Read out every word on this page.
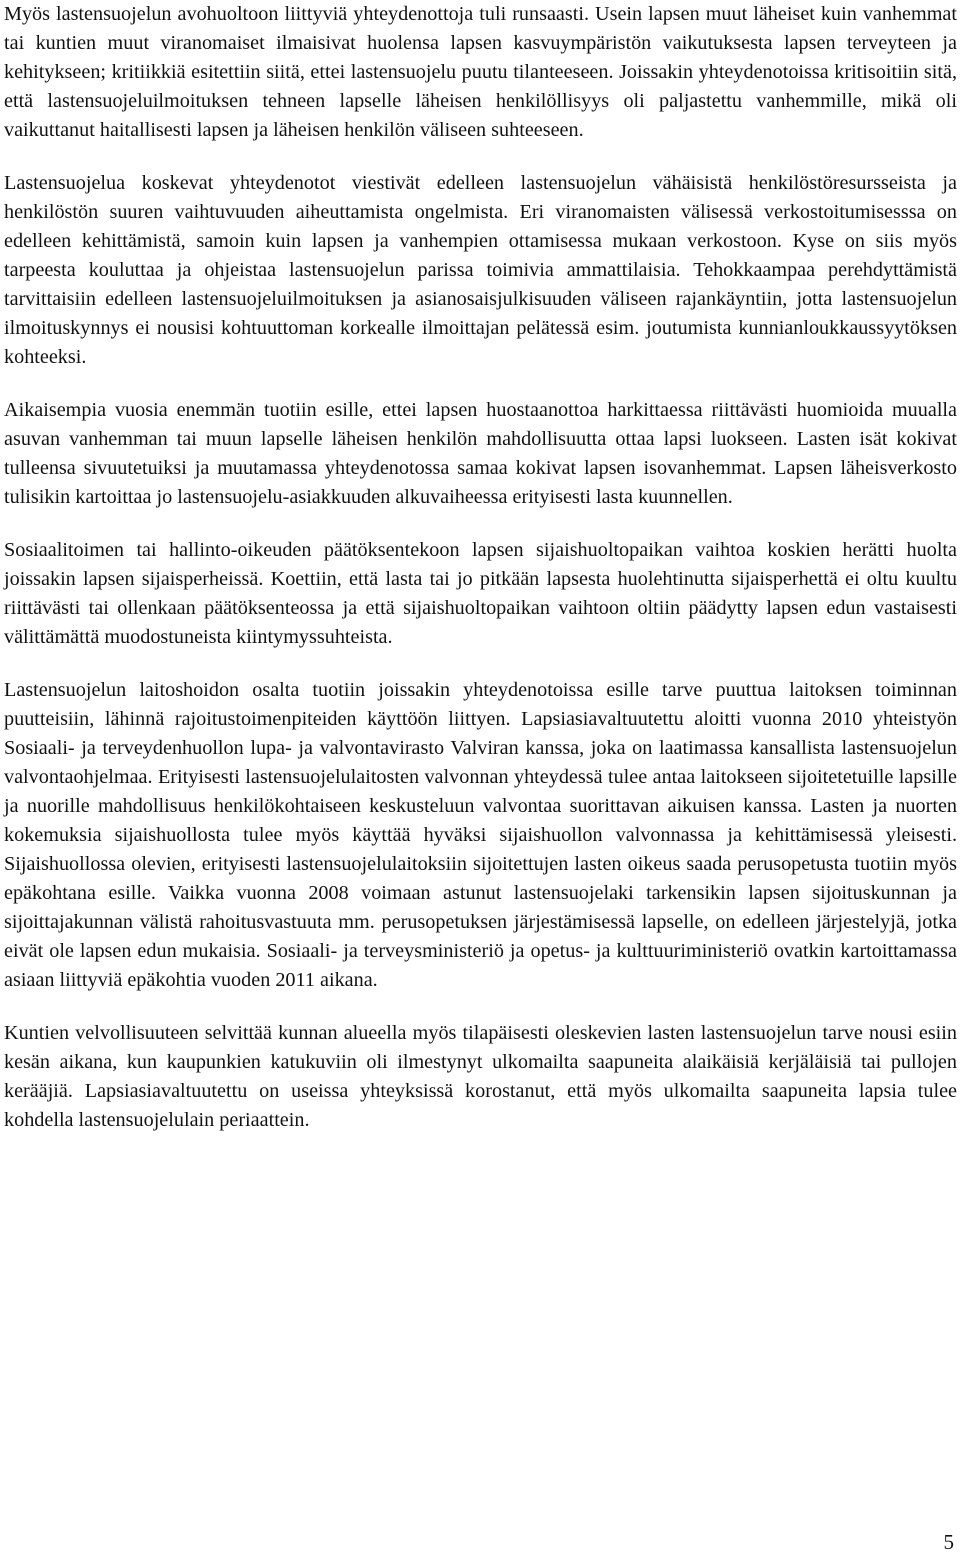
Myös lastensuojelun avohuoltoon liittyviä yhteydenottoja tuli runsaasti. Usein lapsen muut läheiset kuin vanhemmat tai kuntien muut viranomaiset ilmaisivat huolensa lapsen kasvuympäristön vaikutuksesta lapsen terveyteen ja kehitykseen; kritiikkiä esitettiin siitä, ettei lastensuojelu puutu tilanteeseen. Joissakin yhteydenotoissa kritisoitiin sitä, että lastensuojeluilmoituksen tehneen lapselle läheisen henkilöllisyys oli paljastettu vanhemmille, mikä oli vaikuttanut haitallisesti lapsen ja läheisen henkilön väliseen suhteeseen.

Lastensuojelua koskevat yhteydenotot viestivät edelleen lastensuojelun vähäisistä henkilöstöresursseista ja henkilöstön suuren vaihtuvuuden aiheuttamista ongelmista. Eri viranomaisten välisessä verkostoitumisesssa on edelleen kehittämistä, samoin kuin lapsen ja vanhempien ottamisessa mukaan verkostoon. Kyse on siis myös tarpeesta kouluttaa ja ohjeistaa lastensuojelun parissa toimivia ammattilaisia. Tehokkaampaa perehdyttämistä tarvittaisiin edelleen lastensuojeluilmoituksen ja asianosaisjulkisuuden väliseen rajankäyntiin, jotta lastensuojelun ilmoituskynnys ei nousisi kohtuuttoman korkealle ilmoittajan pelätessä esim. joutumista kunnianloukkaussyytöksen kohteeksi.

Aikaisempia vuosia enemmän tuotiin esille, ettei lapsen huostaanottoa harkittaessa riittävästi huomioida muualla asuvan vanhemman tai muun lapselle läheisen henkilön mahdollisuutta ottaa lapsi luokseen. Lasten isät kokivat tulleensa sivuutetuiksi ja muutamassa yhteydenotossa samaa kokivat lapsen isovanhemmat. Lapsen läheisverkosto tulisikin kartoittaa jo lastensuojelu-asiakkuuden alkuvaiheessa erityisesti lasta kuunnellen.

Sosiaalitoimen tai hallinto-oikeuden päätöksentekoon lapsen sijaishuoltopaikan vaihtoa koskien herätti huolta joissakin lapsen sijaisperheissä. Koettiin, että lasta tai jo pitkään lapsesta huolehtinutta sijaisperhettä ei oltu kuultu riittävästi tai ollenkaan päätöksenteossa ja että sijaishuoltopaikan vaihtoon oltiin päädytty lapsen edun vastaisesti välittämättä muodostuneista kiintymyssuhteista.

Lastensuojelun laitoshoidon osalta tuotiin joissakin yhteydenotoissa esille tarve puuttua laitoksen toiminnan puutteisiin, lähinnä rajoitustoimenpiteiden käyttöön liittyen. Lapsiasiavaltuutettu aloitti vuonna 2010 yhteistyön Sosiaali- ja terveydenhuollon lupa- ja valvontavirasto Valviran kanssa, joka on laatimassa kansallista lastensuojelun valvontaohjelmaa. Erityisesti lastensuojelulaitosten valvonnan yhteydessä tulee antaa laitokseen sijoitetetuille lapsille ja nuorille mahdollisuus henkilökohtaiseen keskusteluun valvontaa suorittavan aikuisen kanssa. Lasten ja nuorten kokemuksia sijaishuollosta tulee myös käyttää hyväksi sijaishuollon valvonnassa ja kehittämisessä yleisesti. Sijaishuollossa olevien, erityisesti lastensuojelulaitoksiin sijoitettujen lasten oikeus saada perusopetusta tuotiin myös epäkohtana esille. Vaikka vuonna 2008 voimaan astunut lastensuojelaki tarkensikin lapsen sijoituskunnan ja sijoittajakunnan välistä rahoitusvastuuta mm. perusopetuksen järjestämisessä lapselle, on edelleen järjestelyjä, jotka eivät ole lapsen edun mukaisia. Sosiaali- ja terveysministeriö ja opetus- ja kulttuuriministeriö ovatkin kartoittamassa asiaan liittyviä epäkohtia vuoden 2011 aikana.

Kuntien velvollisuuteen selvittää kunnan alueella myös tilapäisesti oleskevien lasten lastensuojelun tarve nousi esiin kesän aikana, kun kaupunkien katukuviin oli ilmestynyt ulkomailta saapuneita alaikäisiä kerjäläisiä tai pullojen kerääjiä. Lapsiasiavaltuutettu on useissa yhteyksissä korostanut, että myös ulkomailta saapuneita lapsia tulee kohdella lastensuojelulain periaattein.

5
